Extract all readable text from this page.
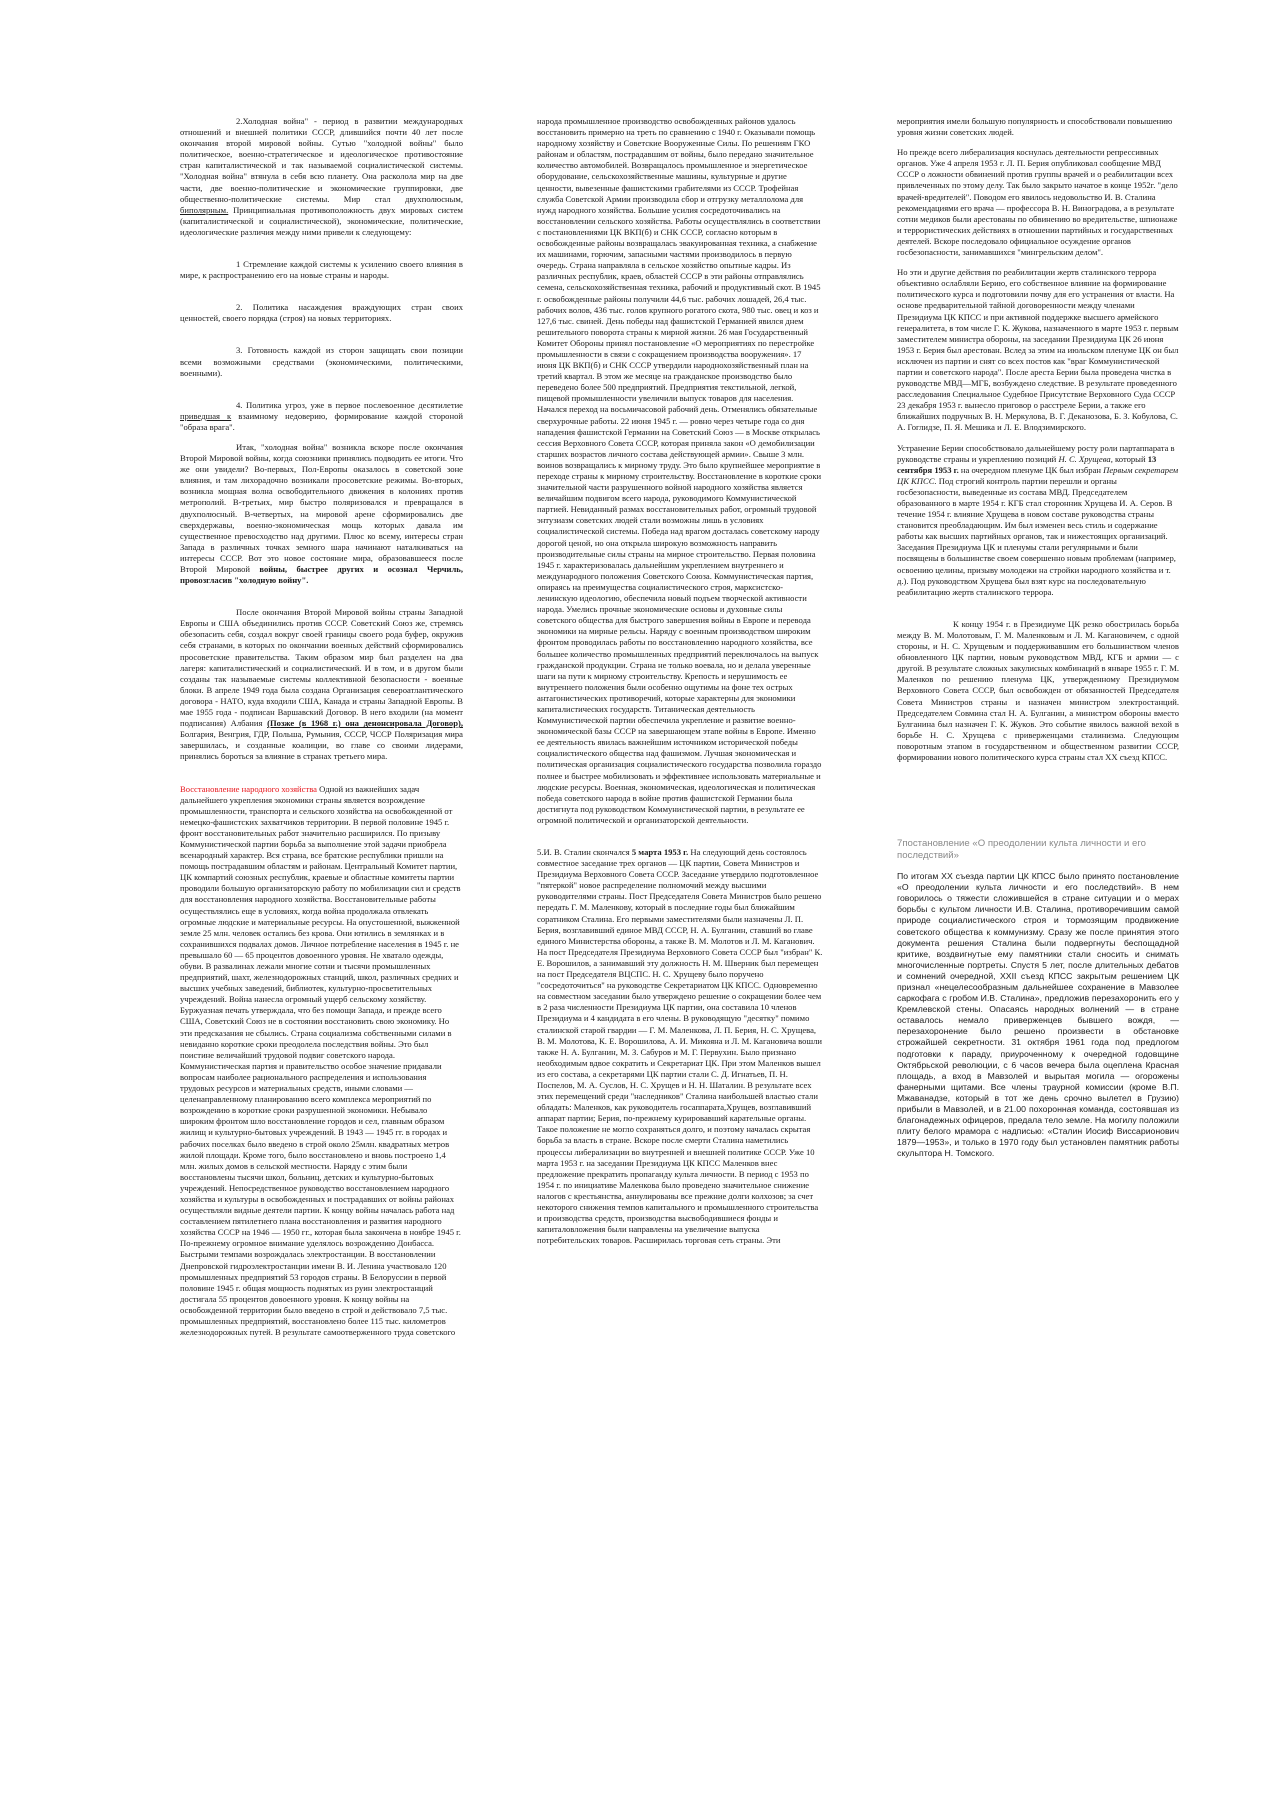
2.Холодная война" - период в развитии международных отношений и внешней политики СССР, длившийся почти 40 лет после окончания второй мировой войны. Сутью "холодной войны" было политическое, военно-стратегическое и идеологическое противостояние стран капиталистической и так называемой социалистической системы. "Холодная война" втянула в себя всю планету. Она расколола мир на две части, две военно-политические и экономические группировки, две общественно-политические системы. Мир стал двухполюсным, биполярным. Принципиальная противоположность двух мировых систем (капиталистической и социалистической), экономические, политические, идеологические различия между ними привели к следующему:

1 Стремление каждой системы к усилению своего влияния в мире, к распространению его на новые страны и народы.

2. Политика насаждения враждующих стран своих ценностей, своего порядка (строя) на новых территориях.

3. Готовность каждой из сторон защищать свои позиции всеми возможными средствами (экономическими, политическими, военными).

4. Политика угроз, уже в первое послевоенное десятилетие приведшая к взаимному недоверию, формирование каждой стороной "образа врага".

Итак, "холодная война" возникла вскоре после окончания Второй Мировой войны, когда союзники принялись подводить ее итоги. Что же они увидели? Во-первых, Пол-Европы оказалось в советской зоне влияния, и там лихорадочно возникали просоветские режимы. Во-вторых, возникла мощная волна освободительного движения в колониях против метрополий. В-третьих, мир быстро поляризовался и превращался в двухполюсный. В-четвертых, на мировой арене сформировались две сверхдержавы, военно-экономическая мощь которых давала им существенное превосходство над другими. Плюс ко всему, интересы стран Запада в различных точках земного шара начинают наталкиваться на интересы СССР. Вот это новое состояние мира, образовавшееся после Второй Мировой войны, быстрее других и осознал Черчиль, провозгласив "холодную войну".

После окончания Второй Мировой войны страны Западной Европы и США объединились против СССР. Советский Союз же, стремясь обезопасить себя, создал вокруг своей границы своего рода буфер, окружив себя странами, в которых по окончании военных действий сформировались просоветские правительства. Таким образом мир был разделен на два лагеря: капиталистический и социалистический. И в том, и в другом были созданы так называемые системы коллективной безопасности - военные блоки. В апреле 1949 года была создана Организация североатлантического договора - НАТО, куда входили США, Канада и страны Западной Европы. В мае 1955 года - подписан Варшавский Договор. В него входили (на момент подписания) Албания (Позже (в 1968 г.) она денонсировала Договор), Болгария, Венгрия, ГДР, Польша, Румыния, СССР, ЧССР Поляризация мира завершилась, и созданные коалиции, во главе со своими лидерами, принялись бороться за влияние в странах третьего мира.

Восстановление народного хозяйства Одной из важнейших задач дальнейшего укрепления экономики страны является возрождение промышленности, транспорта и сельского хозяйства на освобожденной от немецко-фашистских захватчиков территории. В первой половине 1945 г. фронт восстановительных работ значительно расширился. По призыву Коммунистической партии борьба за выполнение этой задачи приобрела всенародный характер. Вся страна, все братские республики пришли на помощь пострадавшим областям и районам. Центральный Комитет партии, ЦК компартий союзных республик, краевые и областные комитеты партии проводили большую организаторскую работу по мобилизации сил и средств для восстановления народного хозяйства. Восстановительные работы осуществлялись еще в условиях, когда война продолжала отвлекать огромные людские и материальные ресурсы. На опустошенной, выжженной земле 25 млн. человек остались без крова. Они ютились в землянках и в сохранившихся подвалах домов. Личное потребление населения в 1945 г. не превышало 60 — 65 процентов довоенного уровня. Не хватало одежды, обуви. В развалинах лежали многие сотни и тысячи промышленных предприятий, шахт, железнодорожных станций, школ, различных средних и высших учебных заведений, библиотек, культурно-просветительных учреждений. Война нанесла огромный ущерб сельскому хозяйству. Буржуазная печать утверждала, что без помощи Запада, и прежде всего США, Советский Союз не в состоянии восстановить свою экономику. Но эти предсказания не сбылись. Страна социализма собственными силами в невиданно короткие сроки преодолела последствия войны. Это был поистине величайший трудовой подвиг советского народа. Коммунистическая партия и правительство особое значение придавали вопросам наиболее рационального распределения и использования трудовых ресурсов и материальных средств, иными словами — целенаправленному планированию всего комплекса мероприятий по возрождению в короткие сроки разрушенной экономики. Небывало широким фронтом шло восстановление городов и сел, главным образом жилищ и культурно-бытовых учреждений. В 1943 — 1945 гг. в городах и рабочих поселках было введено в строй около 25млн. квадратных метров жилой площади. Кроме того, было восстановлено и вновь построено 1,4 млн. жилых домов в сельской местности. Наряду с этим были восстановлены тысячи школ, больниц, детских и культурно-бытовых учреждений. Непосредственное руководство восстановлением народного хозяйства и культуры в освобожденных и пострадавших от войны районах осуществляли видные деятели партии. К концу войны началась работа над составлением пятилетнего плана восстановления и развития народного хозяйства СССР на 1946 — 1950 гг., которая была закончена в ноябре 1945 г. По-прежнему огромное внимание уделялось возрождению Донбасса. Быстрыми темпами возрождалась электростанции. В восстановлении Днепровской гидроэлектростанции имени В. И. Ленина участвовало 120 промышленных предприятий 53 городов страны. В Белоруссии в первой половине 1945 г. общая мощность поднятых из руин электростанций достигала 55 процентов довоенного уровня. К концу войны на освобожденной территории было введено в строй и действовало 7,5 тыс. промышленных предприятий, восстановлено более 115 тыс. километров железнодорожных путей. В результате самоотверженного труда советского

народа промышленное производство освобожденных районов удалось восстановить примерно на треть по сравнению с 1940 г. Оказывали помощь народному хозяйству и Советские Вооруженные Силы. По решениям ГКО районам и областям, пострадавшим от войны, было передано значительное количество автомобилей. Возвращалось промышленное и энергетическое оборудование, сельскохозяйственные машины, культурные и другие ценности, вывезенные фашистскими грабителями из СССР. Трофейная служба Советской Армии производила сбор и отгрузку металлолома для нужд народного хозяйства. Большие усилия сосредоточивались на восстановлении сельского хозяйства. Работы осуществлялись в соответствии с постановлениями ЦК ВКП(б) и СНК СССР, согласно которым в освобожденные районы возвращалась эвакуированная техника, а снабжение их машинами, горючим, запасными частями производилось в первую очередь. Страна направляла в сельское хозяйство опытные кадры. Из различных республик, краев, областей СССР в эти районы отправлялись семена, сельскохозяйственная техника, рабочий и продуктивный скот. В 1945 г. освобожденные районы получили 44,6 тыс. рабочих лошадей, 26,4 тыс. рабочих волов, 436 тыс. голов крупного рогатого скота, 980 тыс. овец и коз и 127,6 тыс. свиней. День победы над фашистской Германией явился днем решительного поворота страны к мирной жизни. 26 мая Государственный Комитет Обороны принял постановление «О мероприятиях по перестройке промышленности в связи с сокращением производства вооружения». 17 июня ЦК ВКП(б) и СНК СССР утвердили народнохозяйственный план на третий квартал. В этом же месяце на гражданское производство было переведено более 500 предприятий. Предприятия текстильной, легкой, пищевой промышленности увеличили выпуск товаров для населения. Начался переход на восьмичасовой рабочий день. Отменялись обязательные сверхурочные работы. 22 июня 1945 г. — ровно через четыре года со дня нападения фашистской Германии на Советский Союз — в Москве открылась сессия Верховного Совета СССР, которая приняла закон «О демобилизации старших возрастов личного состава действующей армии». Свыше 3 млн. воинов возвращались к мирному труду. Это было крупнейшее мероприятие в переходе страны к мирному строительству. Восстановление в короткие сроки значительной части разрушенного войной народного хозяйства является величайшим подвигом всего народа, руководимого Коммунистической партией. Невиданный размах восстановительных работ, огромный трудовой энтузиазм советских людей стали возможны лишь в условиях социалистической системы. Победа над врагом досталась советскому народу дорогой ценой, но она открыла широкую возможность направить производительные силы страны на мирное строительство. Первая половина 1945 г. характеризовалась дальнейшим укреплением внутреннего и международного положения Советского Союза. Коммунистическая партия, опираясь на преимущества социалистического строя, марксистско-ленинскую идеологию, обеспечила новый подъем творческой активности народа. Умелись прочные экономические основы и духовные силы советского общества для быстрого завершения войны в Европе и перевода экономики на мирные рельсы. Наряду с военным производством широким фронтом проводилась работы по восстановлению народного хозяйства, все большее количество промышленных предприятий переключалось на выпуск гражданской продукции. Страна не только воевала, но и делала уверенные шаги на пути к мирному строительству. Крепость и нерушимость ее внутреннего положения были особенно ощутимы на фоне тех острых антагонистических противоречий, которые характерны для экономики капиталистических государств. Титаническая деятельность Коммунистической партии обеспечила укрепление и развитие военно-экономической базы СССР на завершающем этапе войны в Европе. Именно ее деятельность явилась важнейшим источником исторической победы социалистического общества над фашизмом. Лучшая экономическая и политическая организация социалистического государства позволила гораздо полнее и быстрее мобилизовать и эффективнее использовать материальные и людские ресурсы. Военная, экономическая, идеологическая и политическая победа советского народа в войне против фашистской Германии была достигнута под руководством Коммунистической партии, в результате ее огромной политической и организаторской деятельности.

5.И. В. Сталин скончался 5 марта 1953 г. На следующий день состоялось совместное заседание трех органов — ЦК партии, Совета Министров и Президиума Верховного Совета СССР. Заседание утвердило подготовленное "пятеркой" новое распределение полномочий между высшими руководителями страны. Пост Председателя Совета Министров было решено передать Г. М. Маленкову, который в последние годы был ближайшим соратником Сталина. Его первыми заместителями были назначены Л. П. Берия, возглавивший единое МВД СССР, Н. А. Булганин, ставший во главе единого Министерства обороны, а также В. М. Молотов и Л. М. Каганович. На пост Председателя Президиума Верховного Совета СССР был "избран" К. Е. Ворошилов, а занимавший эту должность Н. М. Шверник был перемещен на пост Председателя ВЦСПС. Н. С. Хрущеву было поручено "сосредоточиться" на руководстве Секретариатом ЦК КПСС. Одновременно на совместном заседании было утверждено решение о сокращении более чем в 2 раза численности Президиума ЦК партии, она составила 10 членов Президиума и 4 кандидата в его члены. В руководящую "десятку" помимо сталинской старой гвардии — Г. М. Маленкова, Л. П. Берия, Н. С. Хрущева, В. М. Молотова, К. Е. Ворошилова, А. И. Микояна и Л. М. Кагановича вошли также Н. А. Булганин, М. З. Сабуров и М. Г. Первухин. Было признано необходимым вдвое сократить и Секретариат ЦК. При этом Маленков вышел из его состава, а секретарями ЦК партии стали С. Д. Игнатьев, П. Н. Поспелов, М. А. Суслов, Н. С. Хрущев и Н. Н. Шаталин. В результате всех этих перемещений среди "наследников" Сталина наибольшей властью стали обладать: Маленков, как руководитель госаппарата,Хрущев, возглавивший аппарат партии; Берия, по-прежнему курировавший карательные органы. Такое положение не могло сохраняться долго, и поэтому началась скрытая борьба за власть в стране. Вскоре после смерти Сталина наметились процессы либерализации во внутренней и внешней политике СССР. Уже 10 марта 1953 г. на заседании Президиума ЦК КПСС Маленков внес предложение прекратить пропаганду культа личности. В период с 1953 по 1954 г. по инициативе Маленкова было проведено значительное снижение налогов с крестьянства, аннулированы все прежние долги колхозов; за счет некоторого снижения темпов капитального и промышленного строительства и производства средств, производства высвободившиеся фонды и капиталовложения были направлены на увеличение выпуска потребительских товаров. Расширилась торговая сеть страны. Эти

мероприятия имели большую популярность и способствовали повышению уровня жизни советских людей.

Но прежде всего либерализация коснулась деятельности репрессивных органов. Уже 4 апреля 1953 г. Л. П. Берия опубликовал сообщение МВД СССР о ложности обвинений против группы врачей и о реабилитации всех привлеченных по этому делу. Так было закрыто начатое в конце 1952г. "дело врачей-вредителей". Поводом его явилось недовольство И. В. Сталина рекомендациями его врача — профессора В. Н. Виноградова, а в результате сотни медиков были арестованы по обвинению во вредительстве, шпионаже и террористических действиях в отношении партийных и государственных деятелей. Вскоре последовало официальное осуждение органов госбезопасности, занимавшихся "мингрельским делом".

Но эти и другие действия по реабилитации жертв сталинского террора объективно ослабляли Берию, его собственное влияние на формирование политического курса и подготовили почву для его устранения от власти. На основе предварительной тайной договоренности между членами Президиума ЦК КПСС и при активной поддержке высшего армейского генералитета, в том числе Г. К. Жукова, назначенного в марте 1953 г. первым заместителем министра обороны, на заседании Президиума ЦК 26 июня 1953 г. Берия был арестован. Вслед за этим на июльском пленуме ЦК он был исключен из партии и снят со всех постов как "враг Коммунистической партии и советского народа". После ареста Берии была проведена чистка в руководстве МВД—МГБ, возбуждено следствие. В результате проведенного расследования Специальное Судебное Присутствие Верховного Суда СССР 23 декабря 1953 г. вынесло приговор о расстреле Берии, а также его ближайших подручных В. Н. Меркулова, В. Г. Деканозова, Б. З. Кобулова, С. А. Гоглидзе, П. Я. Мешика и Л. Е. Влодзимирского.

Устранение Берии способствовало дальнейшему росту роли партаппарата в руководстве страны и укреплению позиций Н. С. Хрущева, который 13 сентября 1953 г. на очередном пленуме ЦК был избран Первым секретарем ЦК КПСС. Под строгий контроль партии перешли и органы госбезопасности, выведенные из состава МВД. Председателем образованного в марте 1954 г. КГБ стал сторонник Хрущева И. А. Серов. В течение 1954 г. влияние Хрущева в новом составе руководства страны становится преобладающим. Им был изменен весь стиль и содержание работы как высших партийных органов, так и нижестоящих организаций. Заседания Президиума ЦК и пленумы стали регулярными и были посвящены в большинстве своем совершенно новым проблемам (например, освоению целины, призыву молодежи на стройки народного хозяйства и т. д.). Под руководством Хрущева был взят курс на последовательную реабилитацию жертв сталинского террора.

К концу 1954 г. в Президиуме ЦК резко обострилась борьба между В. М. Молотовым, Г. М. Маленковым и Л. М. Кагановичем, с одной стороны, и Н. С. Хрущевым и поддерживавшим его большинством членов обновленного ЦК партии, новым руководством МВД, КГБ и армии — с другой. В результате сложных закулисных комбинаций в январе 1955 г. Г. М. Маленков по решению пленума ЦК, утвержденному Президиумом Верховного Совета СССР, был освобожден от обязанностей Председателя Совета Министров страны и назначен министром электростанций. Председателем Совмина стал Н. А. Булганин, а министром обороны вместо Булганина был назначен Г. К. Жуков. Это событие явилось важной вехой в борьбе Н. С. Хрущева с приверженцами сталинизма. Следующим поворотным этапом в государственном и общественном развитии СССР, формировании нового политического курса страны стал XX съезд КПСС.

7постановление «О преодолении культа личности и его последствий»

По итогам XX съезда партии ЦК КПСС было принято постановление «О преодолении культа личности и его последствий». В нем говорилось о тяжести сложившейся в стране ситуации и о мерах борьбы с культом личности И.В. Сталина, противоречившим самой природе социалистического строя и тормозящим продвижение советского общества к коммунизму. Сразу же после принятия этого документа решения Сталина были подвергнуты беспощадной критике, воздвигнутые ему памятники стали сносить и снимать многочисленные портреты. Спустя 5 лет, после длительных дебатов и сомнений очередной, XXII съезд КПСС закрытым решением ЦК признал «нецелесообразным дальнейшее сохранение в Мавзолее саркофага с гробом И.В. Сталина», предложив перезахоронить его у Кремлевской стены. Опасаясь народных волнений — в стране оставалось немало приверженцев бывшего вождя, — перезахоронение было решено произвести в обстановке строжайшей секретности. 31 октября 1961 года под предлогом подготовки к параду, приуроченному к очередной годовщине Октябрьской революции, с 6 часов вечера была оцеплена Красная площадь, а вход в Мавзолей и вырытая могила — огорожены фанерными щитами. Все члены траурной комиссии (кроме В.П. Мжаванадзе, который в тот же день срочно вылетел в Грузию) прибыли в Мавзолей, и в 21.00 похоронная команда, состоявшая из благонадежных офицеров, предала тело земле. На могилу положили плиту белого мрамора с надписью: «Сталин Иосиф Виссарионович 1879—1953», и только в 1970 году был установлен памятник работы скульптора Н. Томского.
